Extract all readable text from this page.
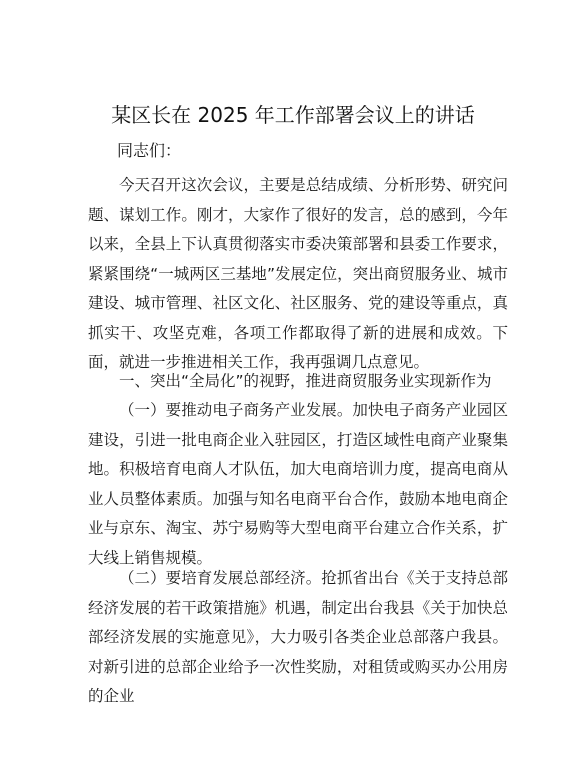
某区长在 2025 年工作部署会议上的讲话
同志们：

今天召开这次会议，主要是总结成绩、分析形势、研究问题、谋划工作。刚才，大家作了很好的发言，总的感到，今年以来，全县上下认真贯彻落实市委决策部署和县委工作要求，紧紧围绕“一城两区三基地”发展定位，突出商贸服务业、城市建设、城市管理、社区文化、社区服务、党的建设等重点，真抓实干、攻坚克难，各项工作都取得了新的进展和成效。下面，就进一步推进相关工作，我再强调几点意见。

一、突出“全局化”的视野，推进商贸服务业实现新作为

（一）要推动电子商务产业发展。加快电子商务产业园区建设，引进一批电商企业入驻园区，打造区域性电商产业聚集地。积极培育电商人才队伍，加大电商培训力度，提高电商从业人员整体素质。加强与知名电商平台合作，鼓励本地电商企业与京东、淘宝、苏宁易购等大型电商平台建立合作关系，扩大线上销售规模。

（二）要培育发展总部经济。抢抓省出台《关于支持总部经济发展的若干政策措施》机遇，制定出台我县《关于加快总部经济发展的实施意见》，大力吸引各类企业总部落户我县。对新引进的总部企业给予一次性奖励，对租赁或购买办公用房的企业
